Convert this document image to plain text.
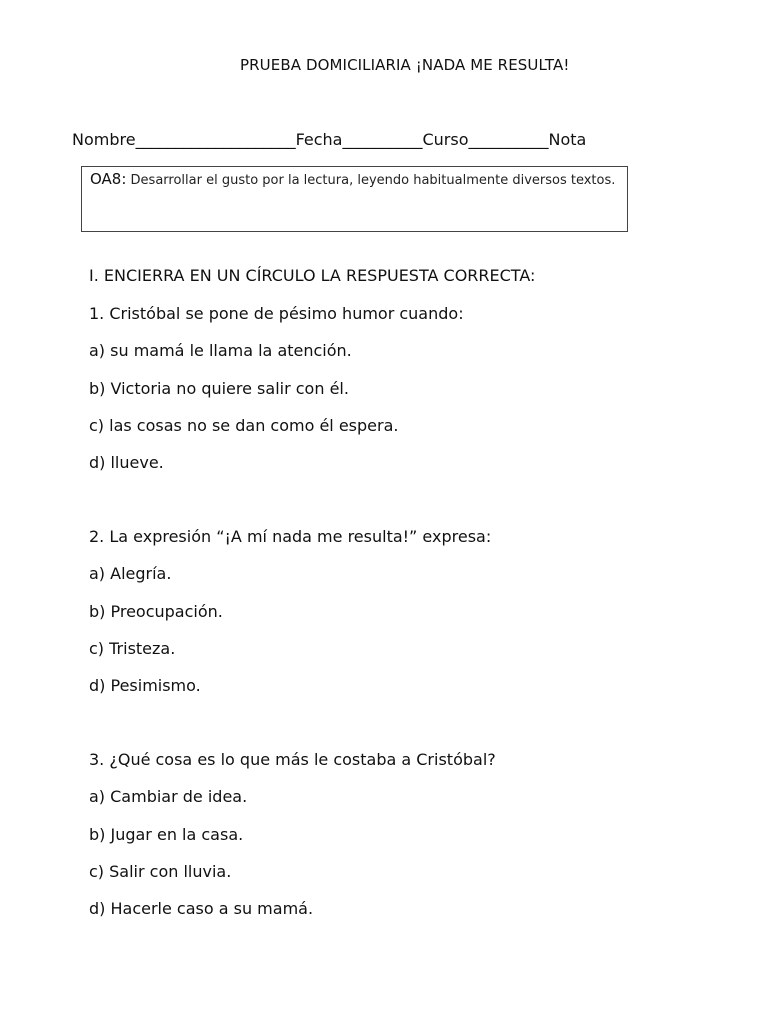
PRUEBA DOMICILIARIA ¡NADA ME RESULTA!
Nombre____________________Fecha__________Curso__________Nota
OA8: Desarrollar el gusto por la lectura, leyendo habitualmente diversos textos.
I. ENCIERRA EN UN CÍRCULO LA RESPUESTA CORRECTA:
1. Cristóbal se pone de pésimo humor cuando:
a) su mamá le llama la atención.
b) Victoria no quiere salir con él.
c) las cosas no se dan como él espera.
d) llueve.
2. La expresión “¡A mí nada me resulta!” expresa:
a) Alegría.
b) Preocupación.
c) Tristeza.
d) Pesimismo.
3. ¿Qué cosa es lo que más le costaba a Cristóbal?
a) Cambiar de idea.
b) Jugar en la casa.
c) Salir con lluvia.
d) Hacerle caso a su mamá.
